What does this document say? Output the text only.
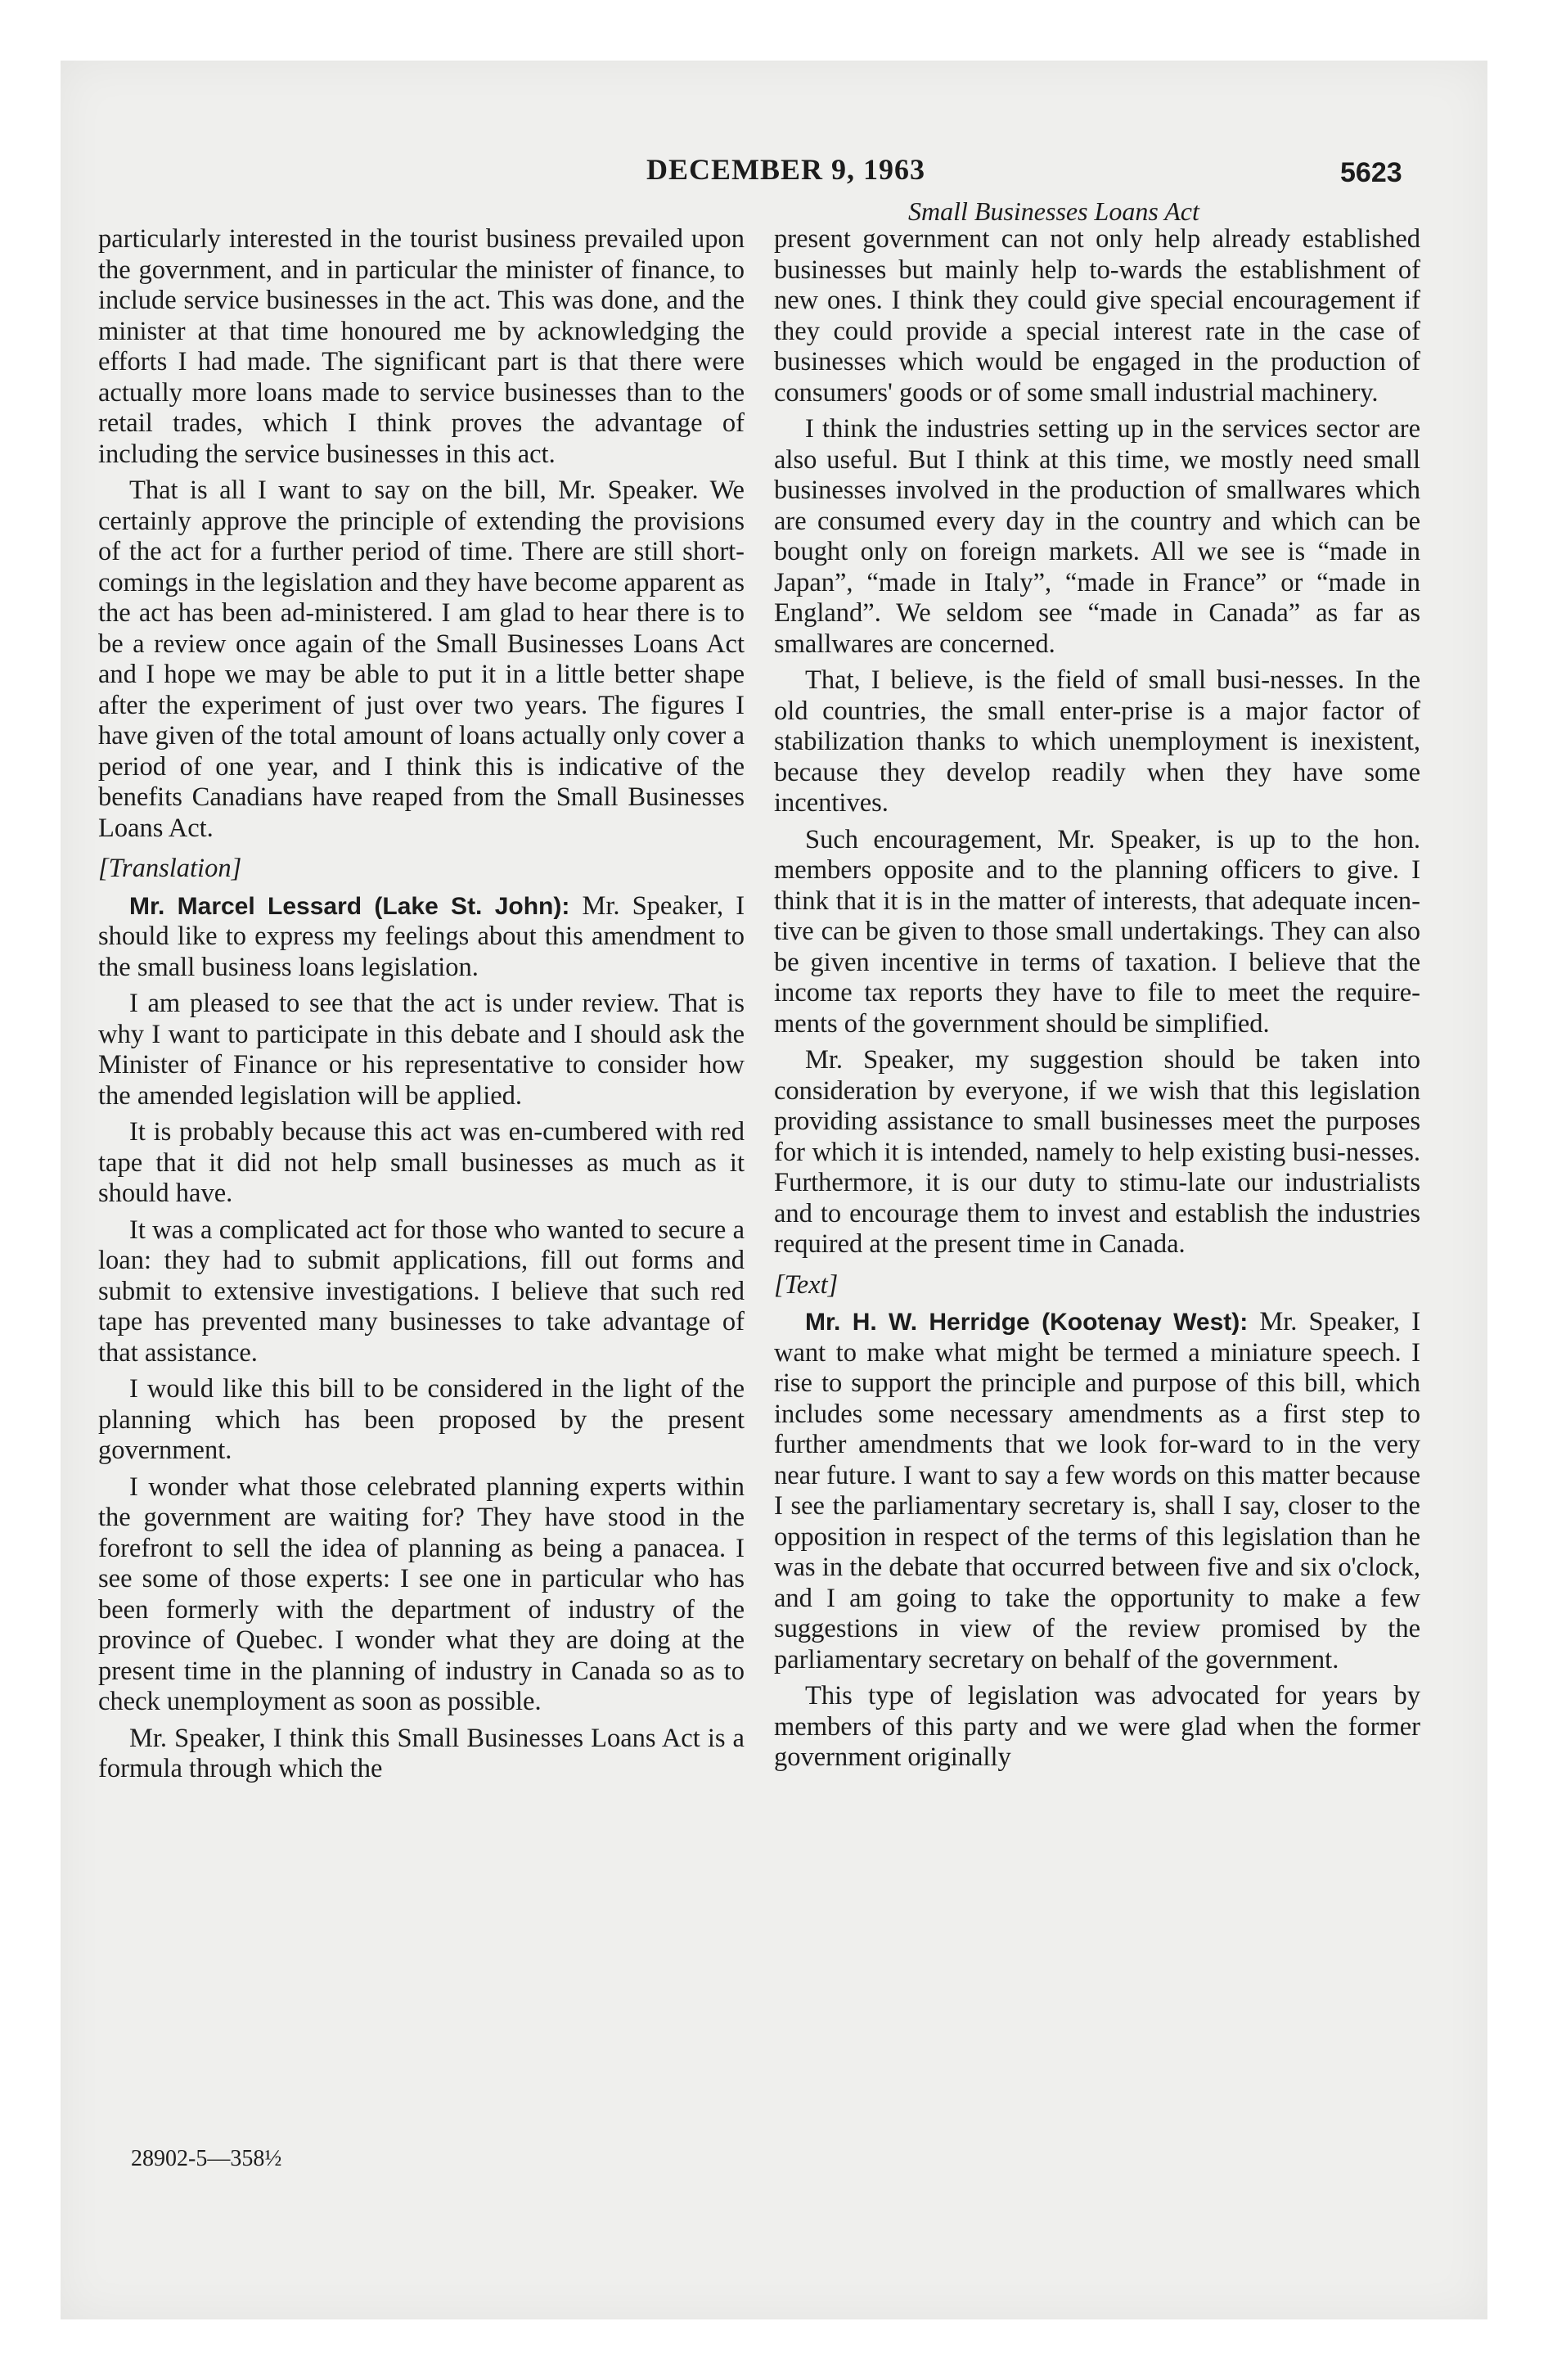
DECEMBER 9, 1963	5623
Small Businesses Loans Act

particularly interested in the tourist business prevailed upon the government, and in particular the minister of finance, to include service businesses in the act. This was done, and the minister at that time honoured me by acknowledging the efforts I had made. The significant part is that there were actually more loans made to service businesses than to the retail trades, which I think proves the advantage of including the service businesses in this act.

That is all I want to say on the bill, Mr. Speaker. We certainly approve the principle of extending the provisions of the act for a further period of time. There are still short-comings in the legislation and they have become apparent as the act has been ad-ministered. I am glad to hear there is to be a review once again of the Small Businesses Loans Act and I hope we may be able to put it in a little better shape after the experiment of just over two years. The figures I have given of the total amount of loans actually only cover a period of one year, and I think this is indicative of the benefits Canadians have reaped from the Small Businesses Loans Act.

[Translation]

Mr. Marcel Lessard (Lake St. John): Mr. Speaker, I should like to express my feelings about this amendment to the small business loans legislation.

I am pleased to see that the act is under review. That is why I want to participate in this debate and I should ask the Minister of Finance or his representative to consider how the amended legislation will be applied.

It is probably because this act was en-cumbered with red tape that it did not help small businesses as much as it should have.

It was a complicated act for those who wanted to secure a loan: they had to submit applications, fill out forms and submit to extensive investigations. I believe that such red tape has prevented many businesses to take advantage of that assistance.

I would like this bill to be considered in the light of the planning which has been proposed by the present government.

I wonder what those celebrated planning experts within the government are waiting for? They have stood in the forefront to sell the idea of planning as being a panacea. I see some of those experts: I see one in particular who has been formerly with the department of industry of the province of Quebec. I wonder what they are doing at the present time in the planning of industry in Canada so as to check unemployment as soon as possible.

Mr. Speaker, I think this Small Businesses Loans Act is a formula through which the

28902-5—358½

present government can not only help already established businesses but mainly help to-wards the establishment of new ones. I think they could give special encouragement if they could provide a special interest rate in the case of businesses which would be engaged in the production of consumers' goods or of some small industrial machinery.

I think the industries setting up in the services sector are also useful. But I think at this time, we mostly need small businesses involved in the production of smallwares which are consumed every day in the country and which can be bought only on foreign markets. All we see is “made in Japan”, “made in Italy”, “made in France” or “made in England”. We seldom see “made in Canada” as far as smallwares are concerned.

That, I believe, is the field of small busi-nesses. In the old countries, the small enter-prise is a major factor of stabilization thanks to which unemployment is inexistent, because they develop readily when they have some incentives.

Such encouragement, Mr. Speaker, is up to the hon. members opposite and to the planning officers to give. I think that it is in the matter of interests, that adequate incen-tive can be given to those small undertakings. They can also be given incentive in terms of taxation. I believe that the income tax reports they have to file to meet the require-ments of the government should be simplified.

Mr. Speaker, my suggestion should be taken into consideration by everyone, if we wish that this legislation providing assistance to small businesses meet the purposes for which it is intended, namely to help existing busi-nesses. Furthermore, it is our duty to stimu-late our industrialists and to encourage them to invest and establish the industries required at the present time in Canada.

[Text]

Mr. H. W. Herridge (Kootenay West): Mr. Speaker, I want to make what might be termed a miniature speech. I rise to support the principle and purpose of this bill, which includes some necessary amendments as a first step to further amendments that we look for-ward to in the very near future. I want to say a few words on this matter because I see the parliamentary secretary is, shall I say, closer to the opposition in respect of the terms of this legislation than he was in the debate that occurred between five and six o'clock, and I am going to take the opportunity to make a few suggestions in view of the review promised by the parliamentary secretary on behalf of the government.

This type of legislation was advocated for years by members of this party and we were glad when the former government originally
